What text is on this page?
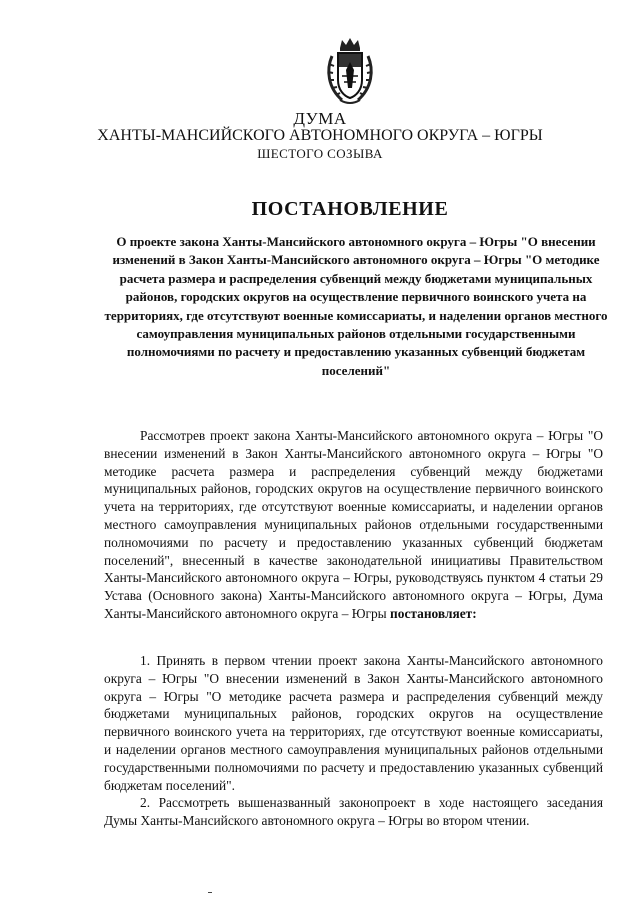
ДУМА
ХАНТЫ-МАНСИЙСКОГО АВТОНОМНОГО ОКРУГА – ЮГРЫ
ШЕСТОГО СОЗЫВА
ПОСТАНОВЛЕНИЕ

О проекте закона Ханты-Мансийского автономного округа – Югры "О внесении изменений в Закон Ханты-Мансийского автономного округа – Югры "О методике расчета размера и распределения субвенций между бюджетами муниципальных районов, городских округов на осуществление первичного воинского учета на территориях, где отсутствуют военные комиссариаты, и наделении органов местного самоуправления муниципальных районов отдельными государственными полномочиями по расчету и предоставлению указанных субвенций бюджетам поселений"

Рассмотрев проект закона Ханты-Мансийского автономного округа – Югры "О внесении изменений в Закон Ханты-Мансийского автономного округа – Югры "О методике расчета размера и распределения субвенций между бюджетами муниципальных районов, городских округов на осуществление первичного воинского учета на территориях, где отсутствуют военные комиссариаты, и наделении органов местного самоуправления муниципальных районов отдельными государственными полномочиями по расчету и предоставлению указанных субвенций бюджетам поселений", внесенный в качестве законодательной инициативы Правительством Ханты-Мансийского автономного округа – Югры, руководствуясь пунктом 4 статьи 29 Устава (Основного закона) Ханты-Мансийского автономного округа – Югры, Дума Ханты-Мансийского автономного округа – Югры постановляет:

1. Принять в первом чтении проект закона Ханты-Мансийского автономного округа – Югры "О внесении изменений в Закон Ханты-Мансийского автономного округа – Югры "О методике расчета размера и распределения субвенций между бюджетами муниципальных районов, городских округов на осуществление первичного воинского учета на территориях, где отсутствуют военные комиссариаты, и наделении органов местного самоуправления муниципальных районов отдельными государственными полномочиями по расчету и предоставлению указанных субвенций бюджетам поселений".

2. Рассмотреть вышеназванный законопроект в ходе настоящего заседания Думы Ханты-Мансийского автономного округа – Югры во втором чтении.
